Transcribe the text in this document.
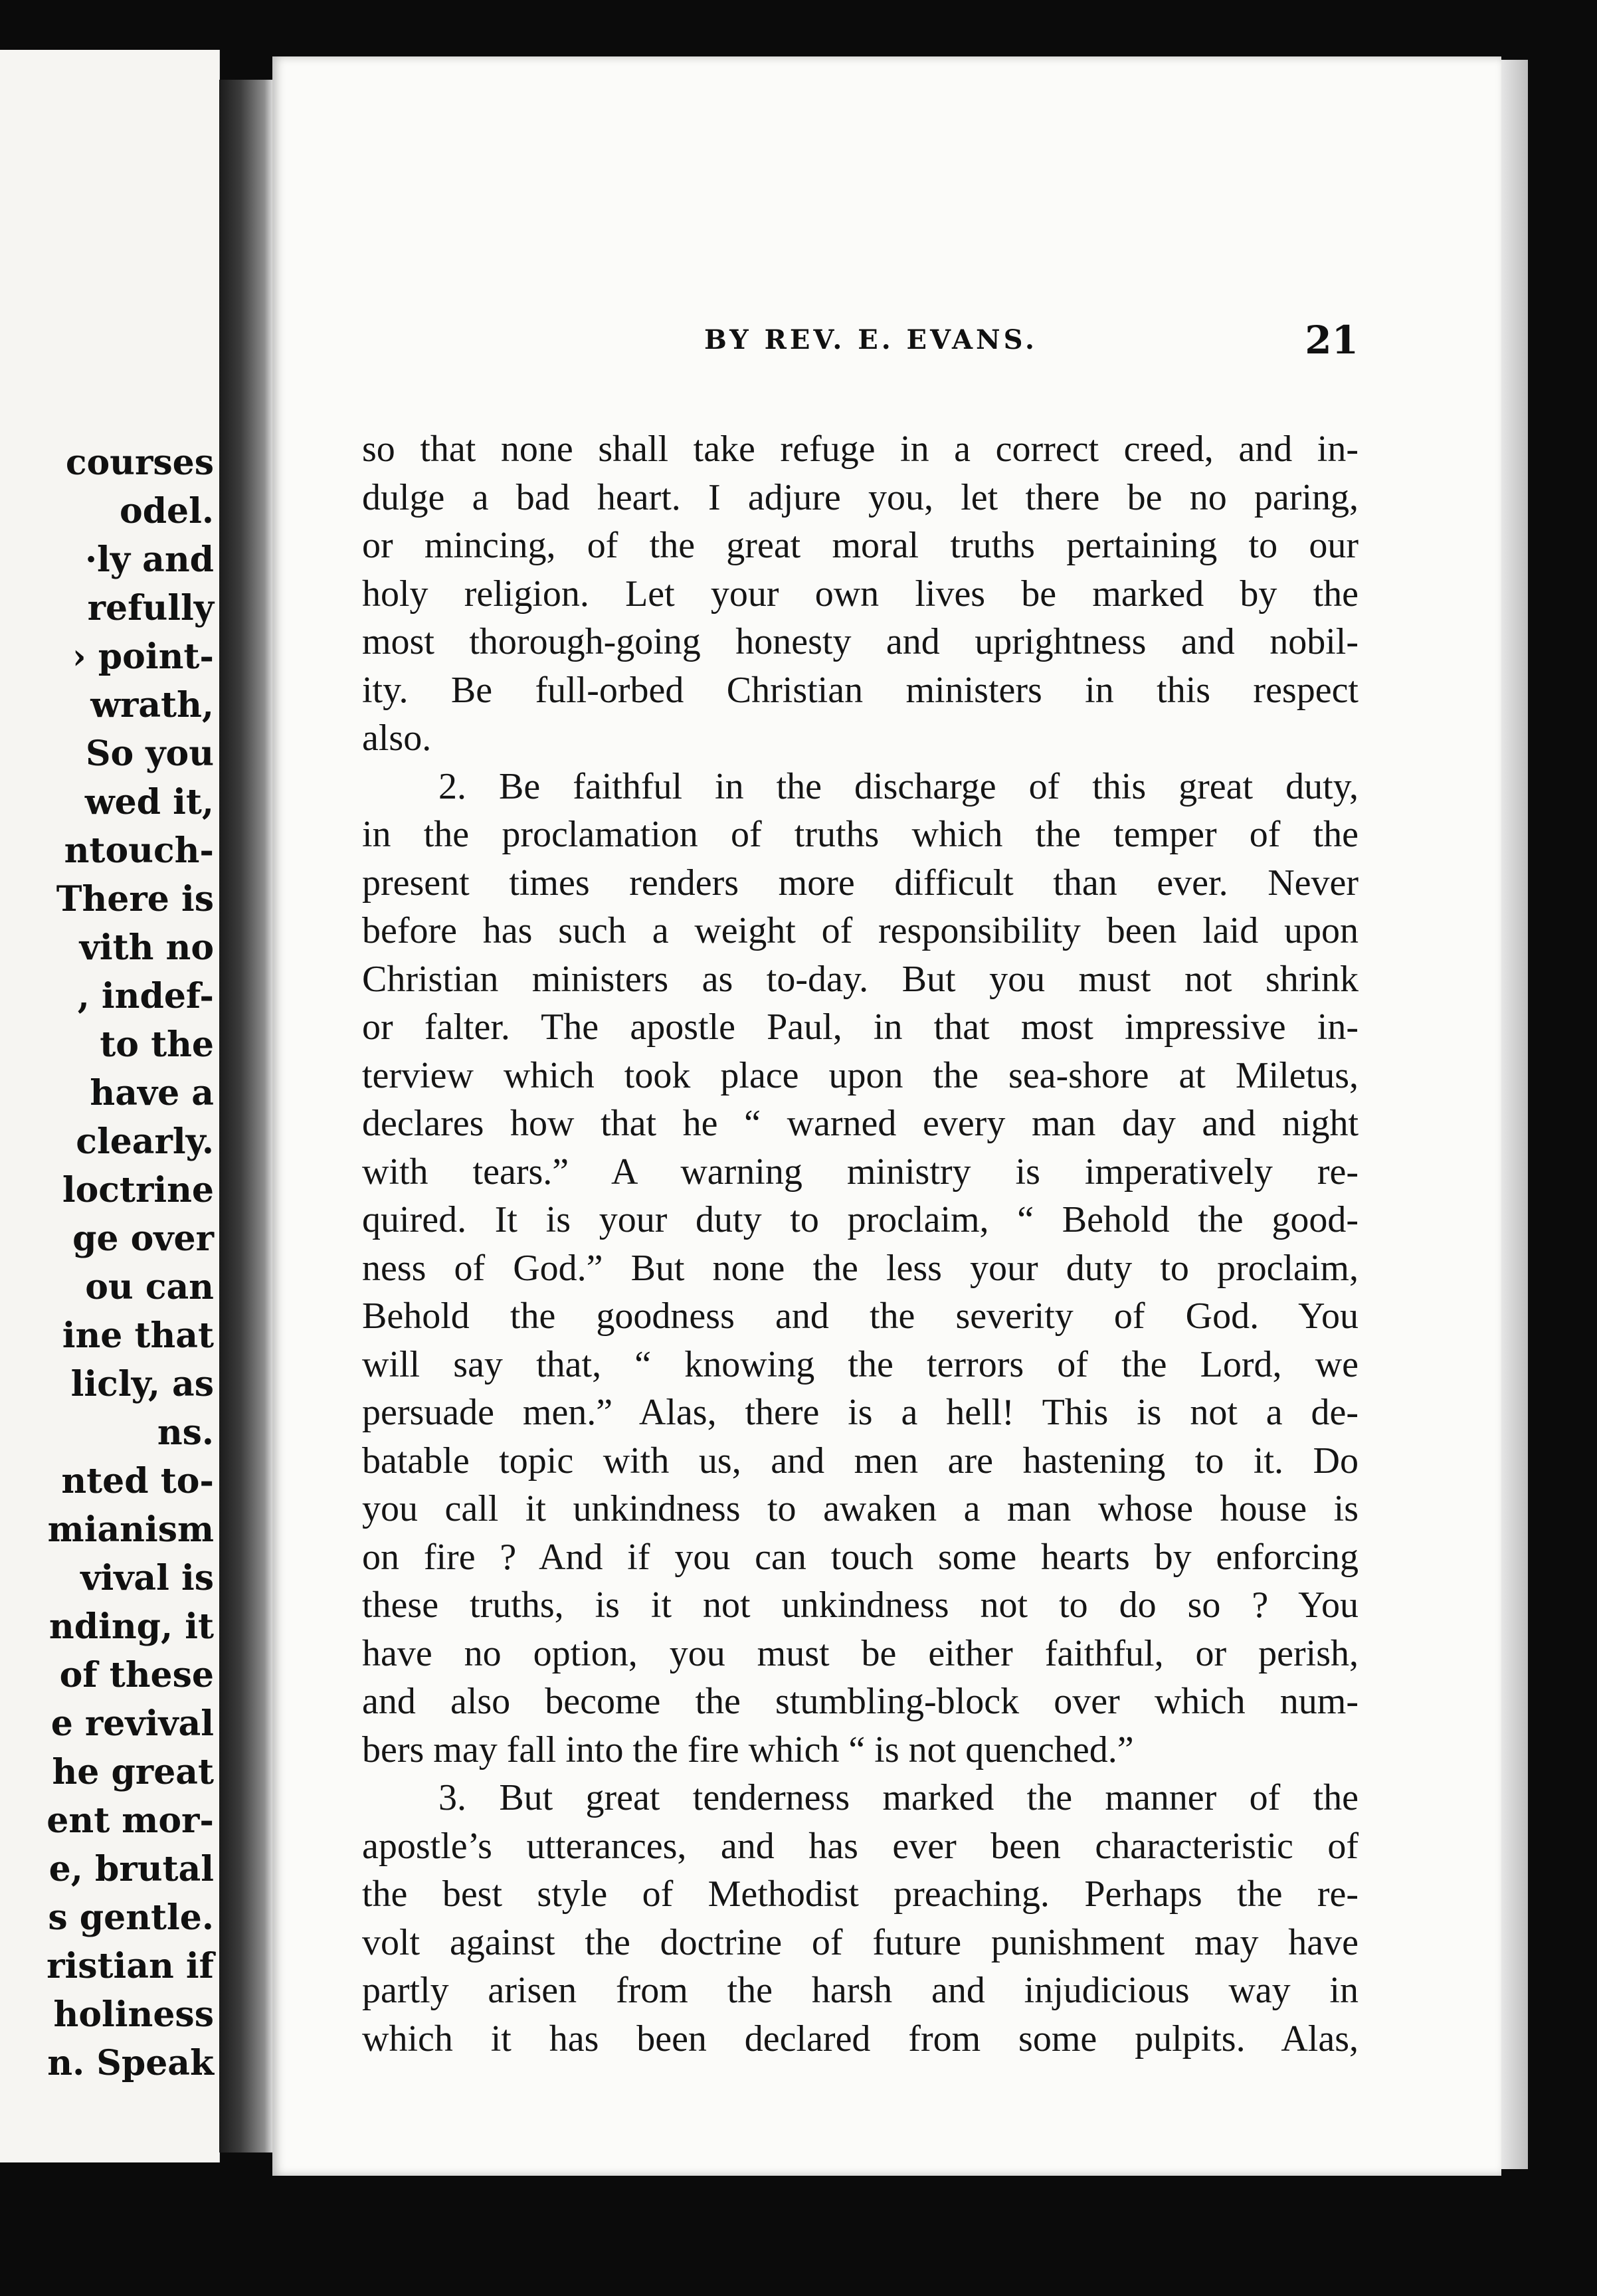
courses
odel.
·ly and
refully
› point-
wrath,
So you
wed it,
ntouch-
There is
vith no
, indef-
to the
have a
clearly.
loctrine
ge over
ou can
ine that
licly, as
ns.
nted to-
mianism
vival is
nding, it
of these
e revival
he great
ent mor-
e, brutal
s gentle.
ristian if
holiness
n. Speak
BY REV. E. EVANS.	21
so that none shall take refuge in a correct creed, and in-
dulge a bad heart. I adjure you, let there be no paring,
or mincing, of the great moral truths pertaining to our
holy religion. Let your own lives be marked by the
most thorough-going honesty and uprightness and nobil-
ity. Be full-orbed Christian ministers in this respect
also.
2. Be faithful in the discharge of this great duty,
in the proclamation of truths which the temper of the
present times renders more difficult than ever. Never
before has such a weight of responsibility been laid upon
Christian ministers as to-day. But you must not shrink
or falter. The apostle Paul, in that most impressive in-
terview which took place upon the sea-shore at Miletus,
declares how that he “ warned every man day and night
with tears.” A warning ministry is imperatively re-
quired. It is your duty to proclaim, “ Behold the good-
ness of God.” But none the less your duty to proclaim,
Behold the goodness and the severity of God. You
will say that, “ knowing the terrors of the Lord, we
persuade men.” Alas, there is a hell! This is not a de-
batable topic with us, and men are hastening to it. Do
you call it unkindness to awaken a man whose house is
on fire ? And if you can touch some hearts by enforcing
these truths, is it not unkindness not to do so ? You
have no option, you must be either faithful, or perish,
and also become the stumbling-block over which num-
bers may fall into the fire which “ is not quenched.”
3. But great tenderness marked the manner of the
apostle’s utterances, and has ever been characteristic of
the best style of Methodist preaching. Perhaps the re-
volt against the doctrine of future punishment may have
partly arisen from the harsh and injudicious way in
which it has been declared from some pulpits. Alas,
